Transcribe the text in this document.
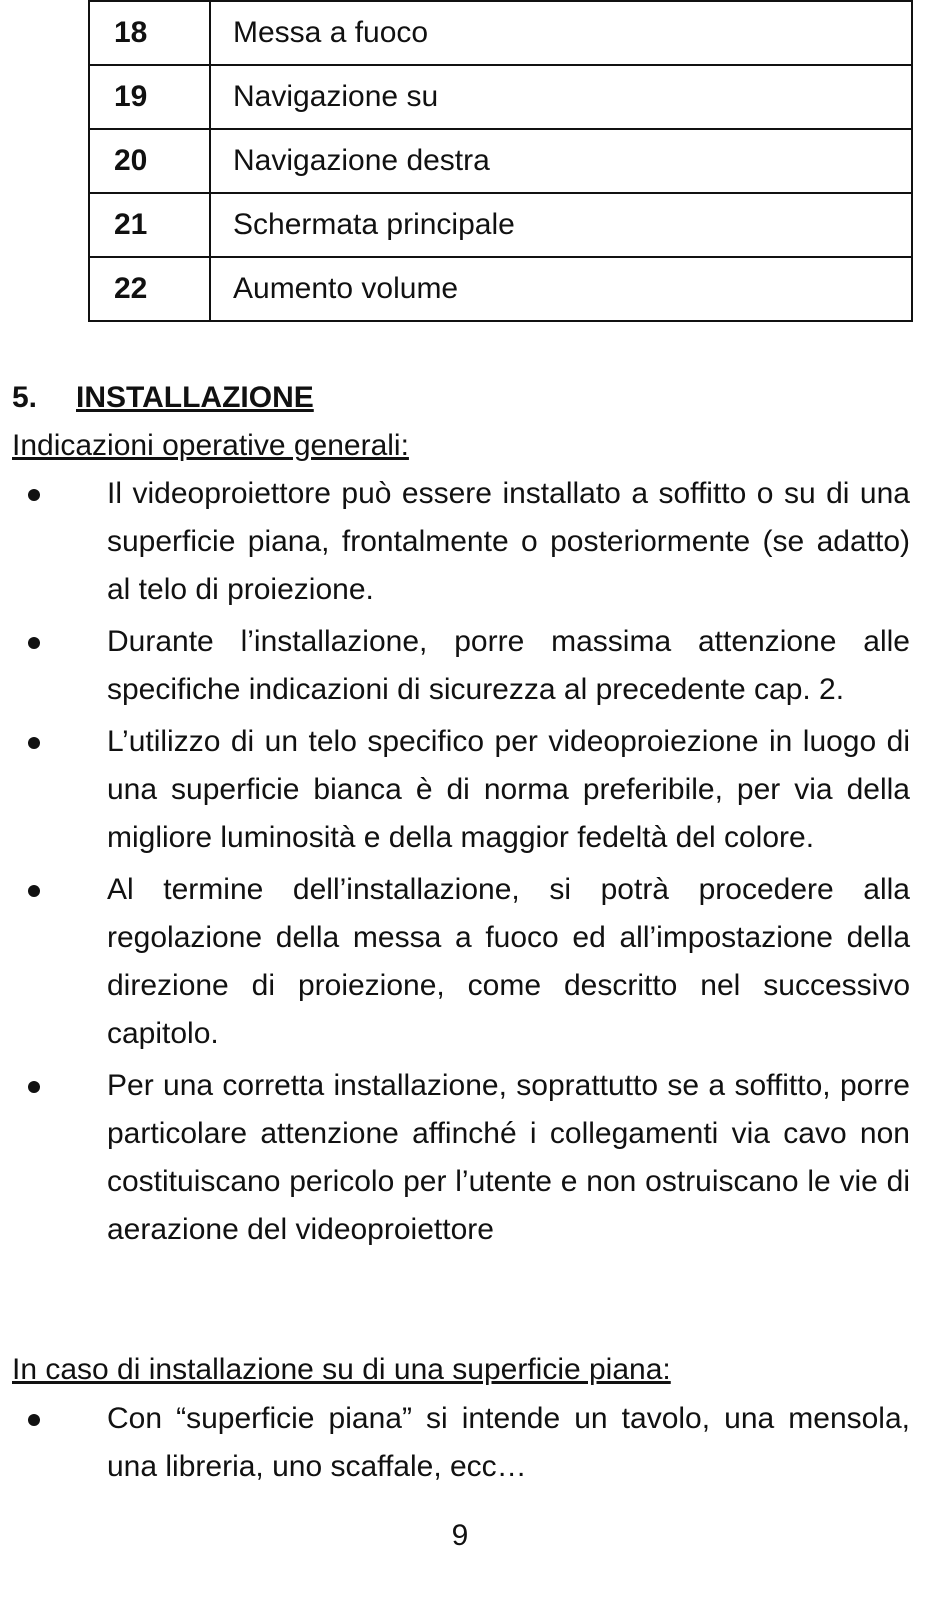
18	Messa a fuoco
19	Navigazione su
20	Navigazione destra
21	Schermata principale
22	Aumento volume
5. INSTALLAZIONE
Indicazioni operative generali:
Il videoproiettore può essere installato a soffitto o su di una superficie piana, frontalmente o posteriormente (se adatto) al telo di proiezione.
Durante l’installazione, porre massima attenzione alle specifiche indicazioni di sicurezza al precedente cap. 2.
L’utilizzo di un telo specifico per videoproiezione in luogo di una superficie bianca è di norma preferibile, per via della migliore luminosità e della maggior fedeltà del colore.
Al termine dell’installazione, si potrà procedere alla regolazione della messa a fuoco ed all’impostazione della direzione di proiezione, come descritto nel successivo capitolo.
Per una corretta installazione, soprattutto se a soffitto, porre particolare attenzione affinché i collegamenti via cavo non costituiscano pericolo per l’utente e non ostruiscano le vie di aerazione del videoproiettore
In caso di installazione su di una superficie piana:
Con “superficie piana” si intende un tavolo, una mensola, una libreria, uno scaffale, ecc…
9
